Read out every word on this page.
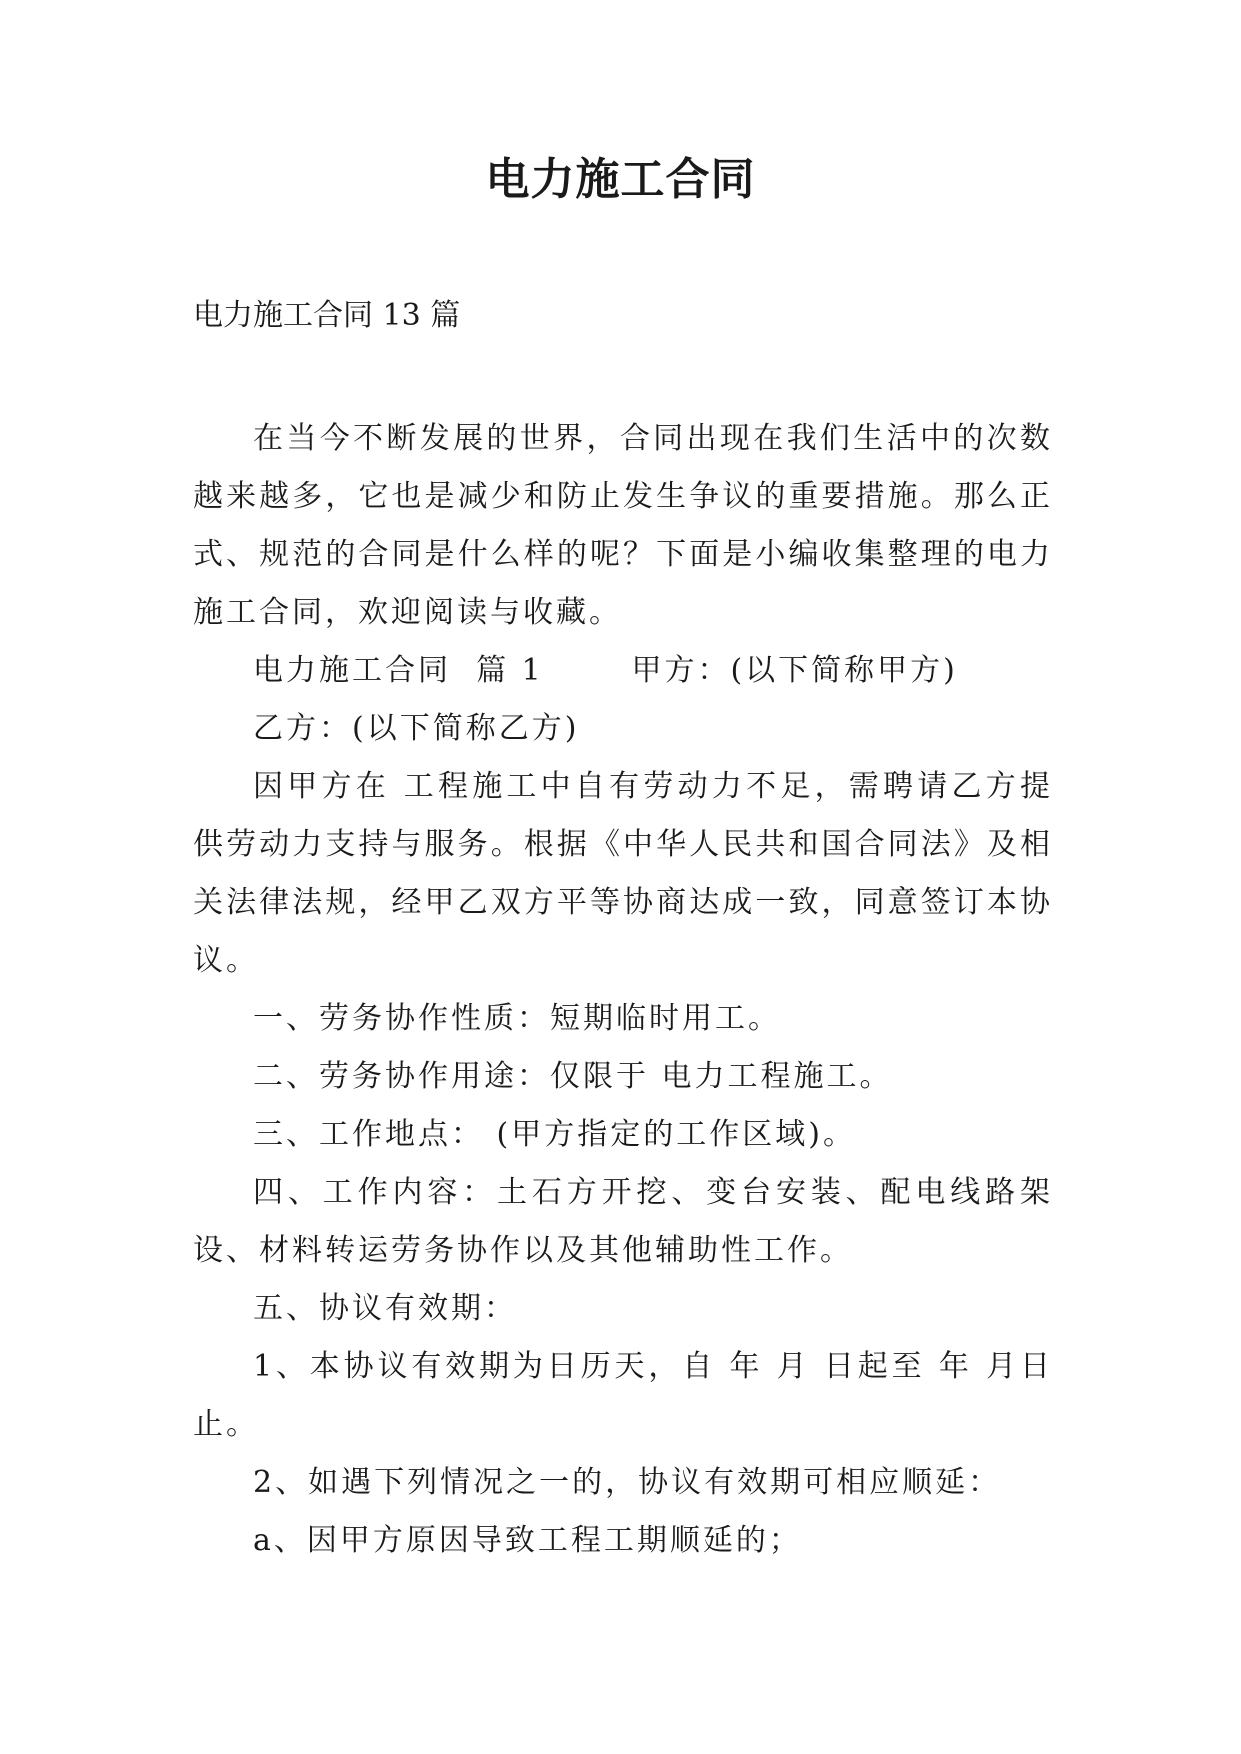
电力施工合同

电力施工合同 13 篇

在当今不断发展的世界，合同出现在我们生活中的次数越来越多，它也是减少和防止发生争议的重要措施。那么正式、规范的合同是什么样的呢？下面是小编收集整理的电力施工合同，欢迎阅读与收藏。

电力施工合同  篇 1       甲方：(以下简称甲方)

乙方：(以下简称乙方)

因甲方在 工程施工中自有劳动力不足，需聘请乙方提供劳动力支持与服务。根据《中华人民共和国合同法》及相关法律法规，经甲乙双方平等协商达成一致，同意签订本协议。

一、劳务协作性质：短期临时用工。

二、劳务协作用途：仅限于 电力工程施工。

三、工作地点： (甲方指定的工作区域)。

四、工作内容：土石方开挖、变台安装、配电线路架设、材料转运劳务协作以及其他辅助性工作。

五、协议有效期：

1、本协议有效期为日历天，自 年 月 日起至 年 月日止。

2、如遇下列情况之一的，协议有效期可相应顺延：

a、因甲方原因导致工程工期顺延的；
